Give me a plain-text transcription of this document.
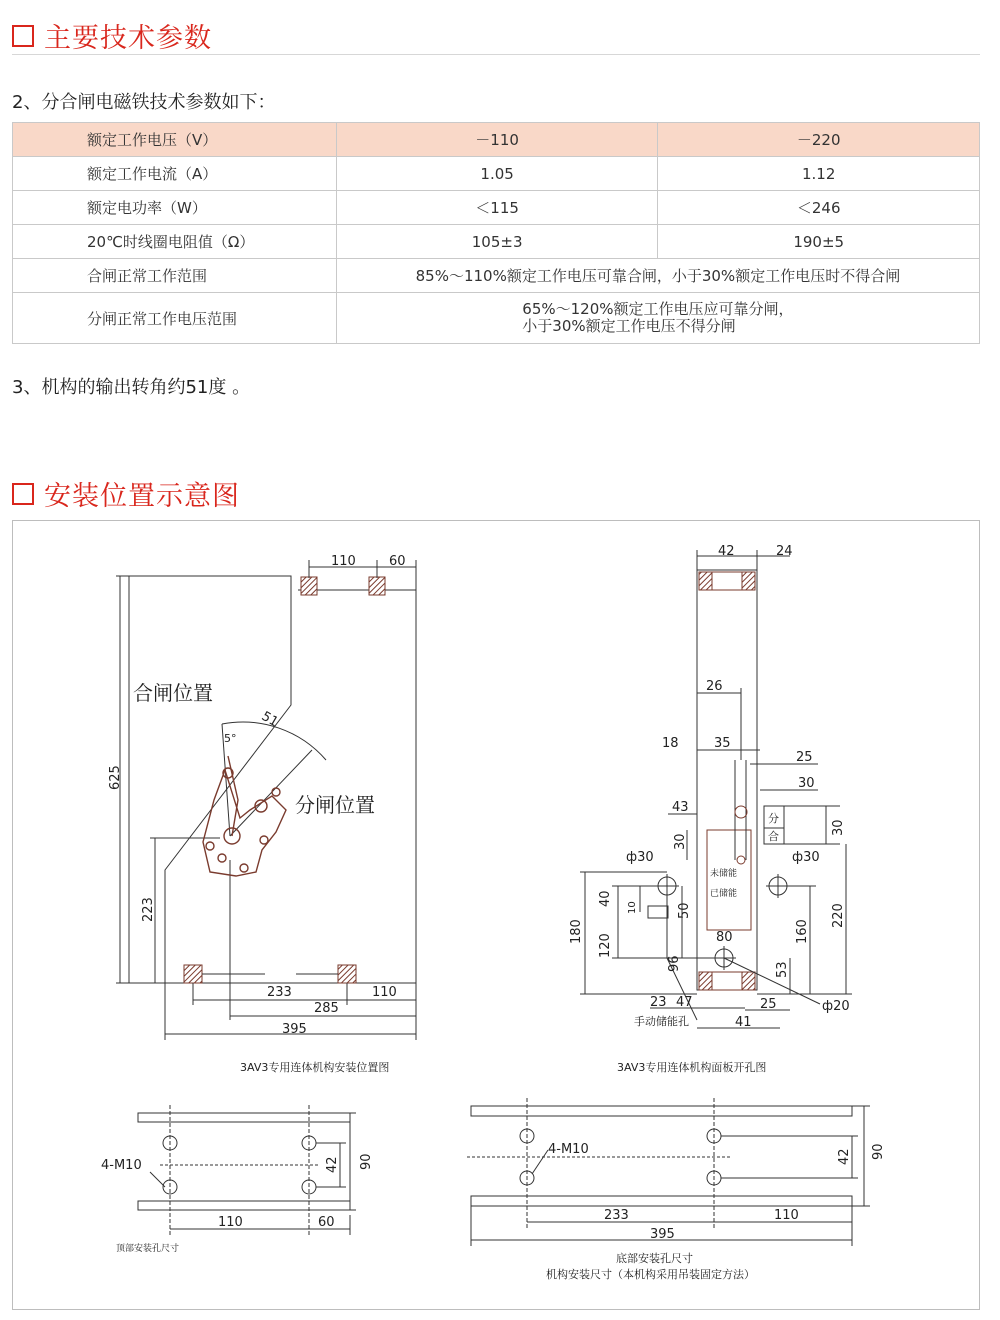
主要技术参数
2、分合闸电磁铁技术参数如下：
额定工作电压（V）	－110	－220
额定工作电流（A）	1.05	1.12
额定电功率（W）	＜115	＜246
20℃时线圈电阻值（Ω）	105±3	190±5
合闸正常工作范围	85%～110%额定工作电压可靠合闸，小于30%额定工作电压时不得合闸	
分闸正常工作电压范围	65%～120%额定工作电压应可靠分闸，
小于30%额定工作电压不得分闸	
3、机构的输出转角约51度 。
安装位置示意图
合闸位置
分闸位置
51
5°
110	60
625
223
233	110
285
395
3AV3专用连体机构安装位置图
42	24
26
18	35
25
30
43
30
30
ф30	ф30
40
50
180
120
96
80	160
220
53
23 47	25
41
ф20
10
分
合
未储能
已储能
手动储能孔
3AV3专用连体机构面板开孔图
4-M10	42 90
110	60
顶部安装孔尺寸
4-M10	42 90
233	110
395
底部安装孔尺寸
机构安装尺寸（本机构采用吊装固定方法）
